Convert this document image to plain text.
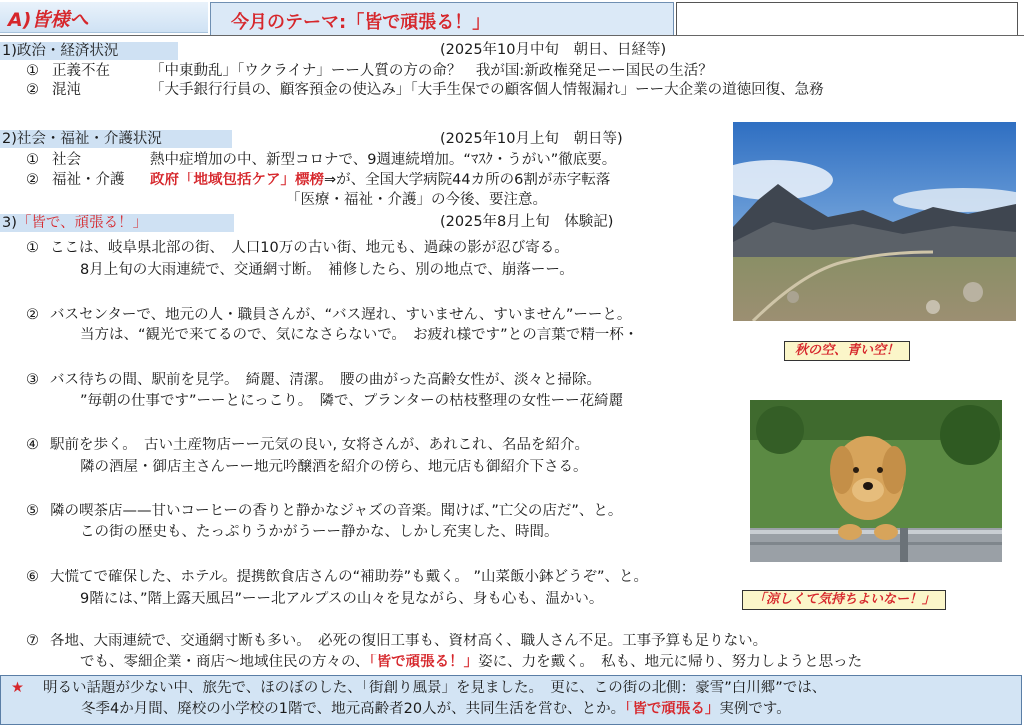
A)皆様へ	今月のテーマ:「皆で頑張る！」
1)政治・経済状況	(2025年10月中旬　朝日、日経等)
① 正義不在	「中東動乱」「ウクライナ」ーー人質の方の命？　我が国:新政権発足ーー国民の生活？
② 混沌	「大手銀行行員の、顧客預金の使込み」「大手生保での顧客個人情報漏れ」ーー大企業の道徳回復、急務
2)社会・福祉・介護状況	(2025年10月上旬　朝日等)
① 社会	熱中症増加の中、新型コロナで、9週連続増加。“ﾏｽｸ・うがい”徹底要。
② 福祉・介護 政府「地域包括ケア」標榜⇒が、全国大学病院44カ所の6割が赤字転落
「医療・福祉・介護」の今後、要注意。
3)「皆で、頑張る！」	(2025年8月上旬　体験記)
① ここは、岐阜県北部の街、　人口10万の古い街、地元も、過疎の影が忍び寄る。
8月上旬の大雨連続で、交通網寸断。　補修したら、別の地点で、崩落ーー。
② バスセンターで、地元の人・職員さんが、“バス遅れ、すいません、すいません”ーーと。
当方は、“観光で来てるので、気になさらないで。　お疲れ様です”との言葉で精一杯・
③ バス待ちの間、駅前を見学。　綺麗、清潔。　腰の曲がった高齢女性が、淡々と掃除。
”毎朝の仕事です”ーーとにっこり。　隣で、プランターの枯枝整理の女性ーー花綺麗
④ 駅前を歩く。　古い土産物店ーー元気の良い, 女将さんが、あれこれ、名品を紹介。
隣の酒屋・御店主さんーー地元吟醸酒を紹介の傍ら、地元店も御紹介下さる。
⑤ 隣の喫茶店——甘いコーヒーの香りと静かなジャズの音楽。聞けば、”亡父の店だ”、と。
この街の歴史も、たっぷりうかがうーー静かな、しかし充実した、時間。
⑥ 大慌てで確保した、ホテル。提携飲食店さんの“補助券”も戴く。 ”山菜飯小鉢どうぞ”、と。
9階には、”階上露天風呂”ーー北アルプスの山々を見ながら、身も心も、温かい。
⑦ 各地、大雨連続で、交通網寸断も多い。　必死の復旧工事も、資材高く、職人さん不足。工事予算も足りない。
でも、零細企業・商店～地域住民の方々の、「皆で頑張る！」姿に、力を戴く。　私も、地元に帰り、努力しようと思った
秋の空、青い空！
「涼しくて気持ちよいなー！」
★ 明るい話題が少ない中、旅先で、ほのぼのした、「街創り風景」を見ました。　更に、この街の北側：豪雪”白川郷”では、
冬季4か月間、廃校の小学校の1階で、地元高齢者20人が、共同生活を営む、とか。「皆で頑張る」実例です。
